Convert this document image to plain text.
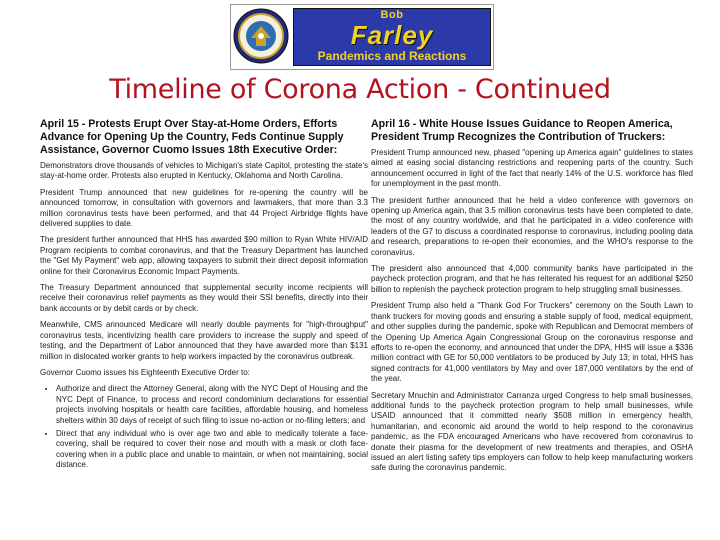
Bob
Farley
Pandemics and Reactions
Timeline of Corona Action - Continued
April 15 - Protests Erupt Over Stay-at-Home Orders, Efforts Advance for Opening Up the Country, Feds Continue Supply Assistance, Governor Cuomo Issues 18th Executive Order:

Demonstrators drove thousands of vehicles to Michigan's state Capitol, protesting the state's stay-at-home order. Protests also erupted in Kentucky, Oklahoma and North Carolina.

President Trump announced that new guidelines for re-opening the country will be announced tomorrow, in consultation with governors and lawmakers, that more than 3.3 million coronavirus tests have been performed, and that 44 Project Airbridge flights have delivered supplies to date.

The president further announced that HHS has awarded $90 million to Ryan White HIV/AID Program recipients to combat coronavirus, and that the Treasury Department has launched the "Get My Payment" web app, allowing taxpayers to submit their direct deposit information online for their Coronavirus Economic Impact Payments.

The Treasury Department announced that supplemental security income recipients will receive their coronavirus relief payments as they would their SSI benefits, directly into their bank accounts or by debit cards or by check.

Meanwhile, CMS announced Medicare will nearly double payments for "high-throughput" coronavirus tests, incentivizing health care providers to increase the supply and speed of testing, and the Department of Labor announced that they have awarded more than $131 million in dislocated worker grants to help workers impacted by the coronavirus outbreak.

Governor Cuomo issues his Eighteenth Executive Order to:

• Authorize and direct the Attorney General, along with the NYC Dept of Housing and the NYC Dept of Finance, to process and record condominium declarations for essential projects involving hospitals or health care facilities, affordable housing, and homeless shelters within 30 days of receipt of such filing to issue no-action or no-filing letters; and
• Direct that any individual who is over age two and able to medically tolerate a face-covering, shall be required to cover their nose and mouth with a mask or cloth face-covering when in a public place and unable to maintain, or when not maintaining, social distance.
April 16 - White House Issues Guidance to Reopen America, President Trump Recognizes the Contribution of Truckers:

President Trump announced new, phased "opening up America again" guidelines to states aimed at easing social distancing restrictions and reopening parts of the country. Such announcement occurred in light of the fact that nearly 14% of the U.S. workforce has filed for unemployment in the past month.

The president further announced that he held a video conference with governors on opening up America again, that 3.5 million coronavirus tests have been completed to date, the most of any country worldwide, and that he participated in a video conference with leaders of the G7 to discuss a coordinated response to coronavirus, including pooling data and research, preparations to re-open their economies, and the WHO's response to the coronavirus.

The president also announced that 4,000 community banks have participated in the paycheck protection program, and that he has reiterated his request for an additional $250 billion to replenish the paycheck protection program to help struggling small businesses.

President Trump also held a "Thank God For Truckers" ceremony on the South Lawn to thank truckers for moving goods and ensuring a stable supply of food, medical equipment, and other supplies during the pandemic, spoke with Republican and Democrat members of the Opening Up America Again Congressional Group on the coronavirus response and efforts to re-open the economy, and announced that under the DPA, HHS will issue a $336 million contract with GE for 50,000 ventilators to be produced by July 13; in total, HHS has signed contracts for 41,000 ventilators by May and over 187,000 ventilators by the end of the year.

Secretary Mnuchin and Administrator Carranza urged Congress to help small businesses, additional funds to the paycheck protection program to help small businesses, while USAID announced that it committed nearly $508 million in emergency health, humanitarian, and economic aid around the world to help respond to the coronavirus pandemic, as the FDA encouraged Americans who have recovered from coronavirus to donate their plasma for the development of new treatments and therapies, and OSHA issued an alert listing safety tips employers can follow to help keep manufacturing workers safe during the coronavirus pandemic.
